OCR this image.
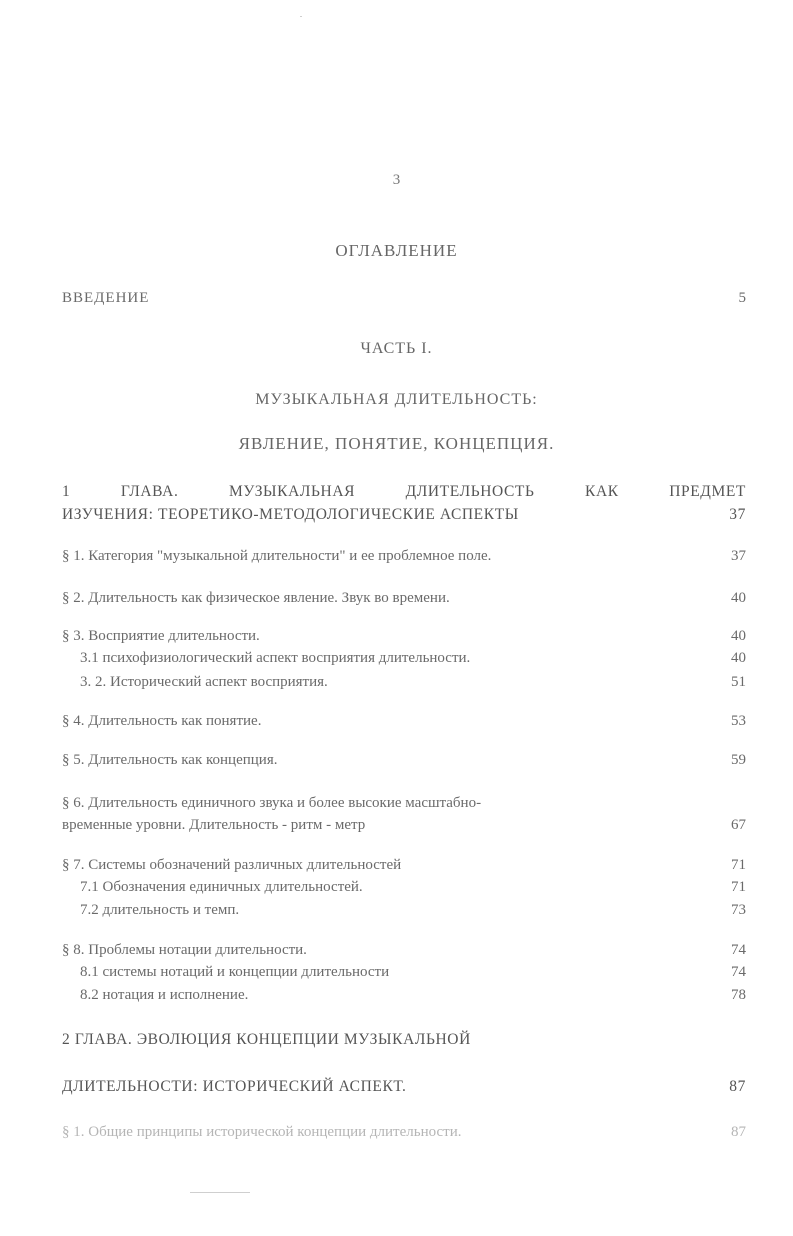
3
ОГЛАВЛЕНИЕ
ВВЕДЕНИЕ	5
ЧАСТЬ I.
МУЗЫКАЛЬНАЯ ДЛИТЕЛЬНОСТЬ:
ЯВЛЕНИЕ, ПОНЯТИЕ, КОНЦЕПЦИЯ.
1 ГЛАВА. МУЗЫКАЛЬНАЯ ДЛИТЕЛЬНОСТЬ КАК ПРЕДМЕТ
ИЗУЧЕНИЯ: ТЕОРЕТИКО-МЕТОДОЛОГИЧЕСКИЕ АСПЕКТЫ	37
§ 1. Категория "музыкальной длительности" и ее проблемное поле.	37
§ 2. Длительность как физическое явление. Звук во времени.	40
§ 3. Восприятие длительности.	40
3.1 психофизиологический аспект восприятия длительности.	40
3. 2. Исторический аспект восприятия.	51
§ 4. Длительность как понятие.	53
§ 5. Длительность как концепция.	59
§ 6. Длительность единичного звука и более высокие масштабно-
временные уровни. Длительность - ритм - метр	67
§ 7. Системы обозначений различных длительностей	71
7.1 Обозначения единичных длительностей.	71
7.2 длительность и темп.	73
§ 8. Проблемы нотации длительности.	74
8.1 системы нотаций и концепции длительности	74
8.2 нотация и исполнение.	78
2 ГЛАВА. ЭВОЛЮЦИЯ КОНЦЕПЦИИ МУЗЫКАЛЬНОЙ
ДЛИТЕЛЬНОСТИ: ИСТОРИЧЕСКИЙ АСПЕКТ.	87
§ 1. Общие принципы исторической концепции длительности.	87
